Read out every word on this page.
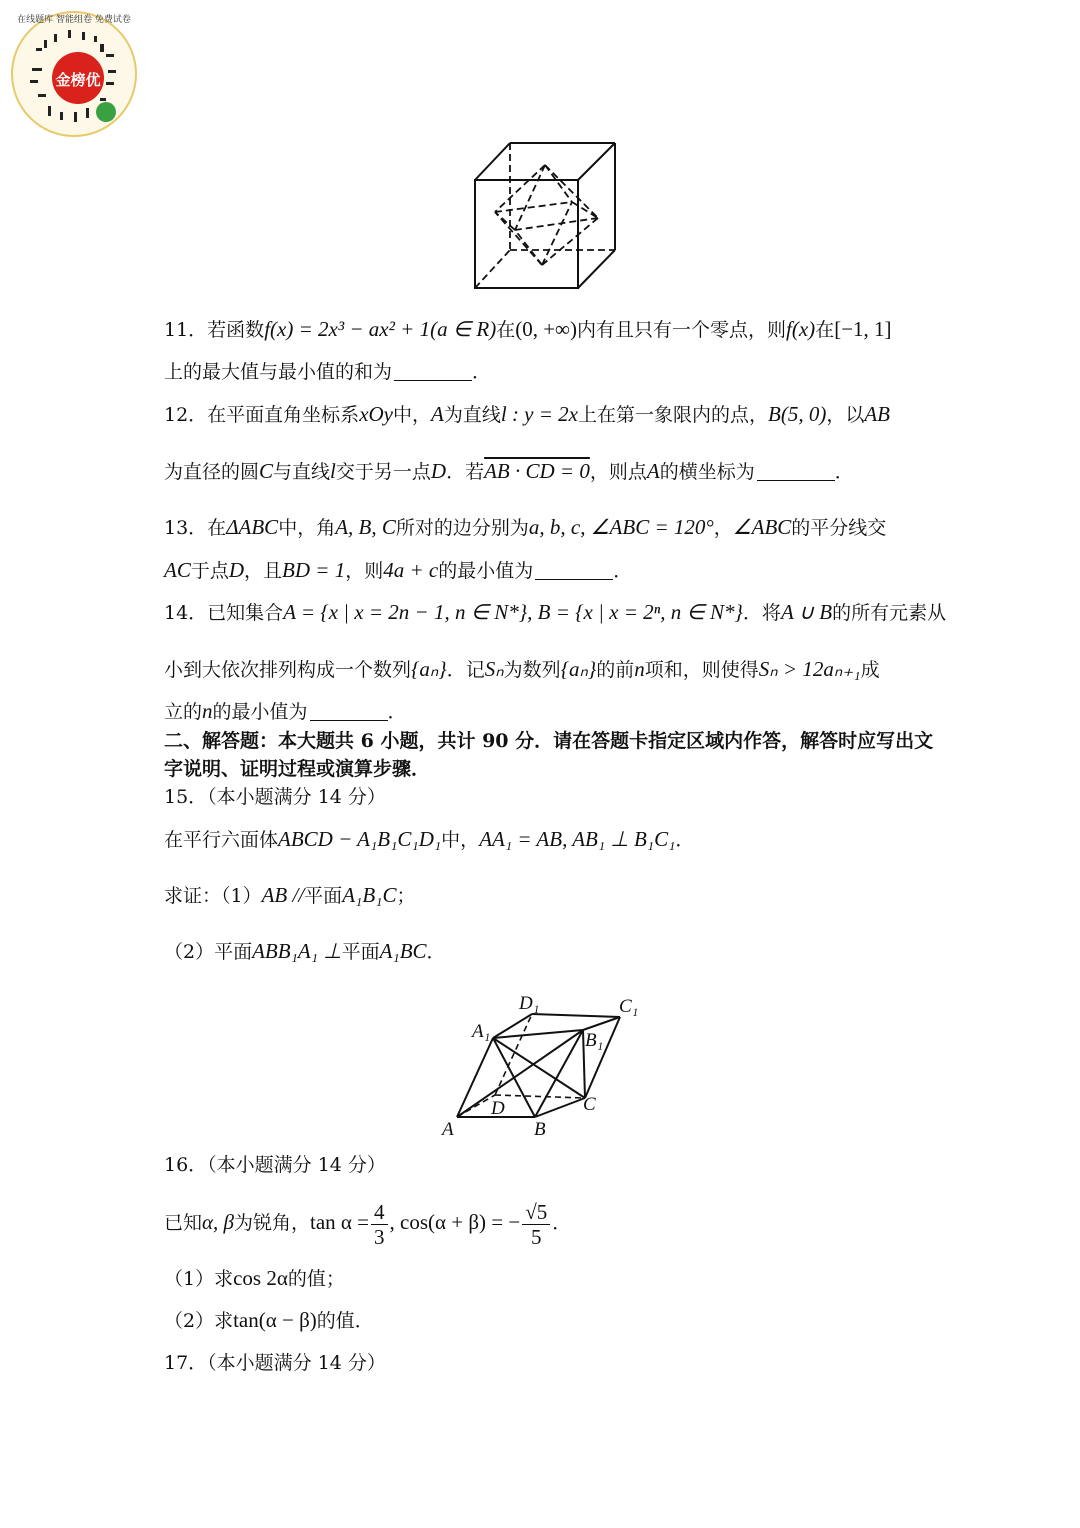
金榜优
在线题库 智能组卷 免费试卷
11．若函数f(x) = 2x³ − ax² + 1(a ∈ R)在(0, +∞)内有且只有一个零点，则f(x)在[−1, 1]
上的最大值与最小值的和为	．
12．在平面直角坐标系xOy中，A为直线l : y = 2x上在第一象限内的点，B(5, 0)，以AB
为直径的圆C与直线l交于另一点D．若AB · CD = 0，则点A的横坐标为	．
13．在ΔABC中，角A, B, C所对的边分别为a, b, c, ∠ABC = 120°，∠ABC的平分线交
AC于点D，且BD = 1，则4a + c的最小值为	．
14．已知集合A = {x | x = 2n − 1, n ∈ N*}, B = {x | x = 2ⁿ, n ∈ N*}．将A ∪ B的所有元素从
小到大依次排列构成一个数列{aₙ}．记Sₙ为数列{aₙ}的前n项和，则使得Sₙ > 12aₙ₊₁成
立的n的最小值为	．
二、解答题：本大题共 6 小题，共计 90 分．请在答题卡指定区域内作答，解答时应写出文
字说明、证明过程或演算步骤．
15．（本小题满分 14 分）
在平行六面体ABCD − A₁B₁C₁D₁中，AA₁ = AB, AB₁ ⊥ B₁C₁．
求证：（1）AB //平面A₁B₁C；
（2）平面ABB₁A₁ ⊥平面A₁BC．
A	B
C
D
A₁	B₁
C₁
D₁
16．（本小题满分 14 分）
已知α, β为锐角，$\tan \alpha = \frac{4}{3}$ , cos(α + β) = − $\frac{√5}{5}$ ．
（1）求cos 2α的值；
（2）求tan(α − β)的值．
17．（本小题满分 14 分）
